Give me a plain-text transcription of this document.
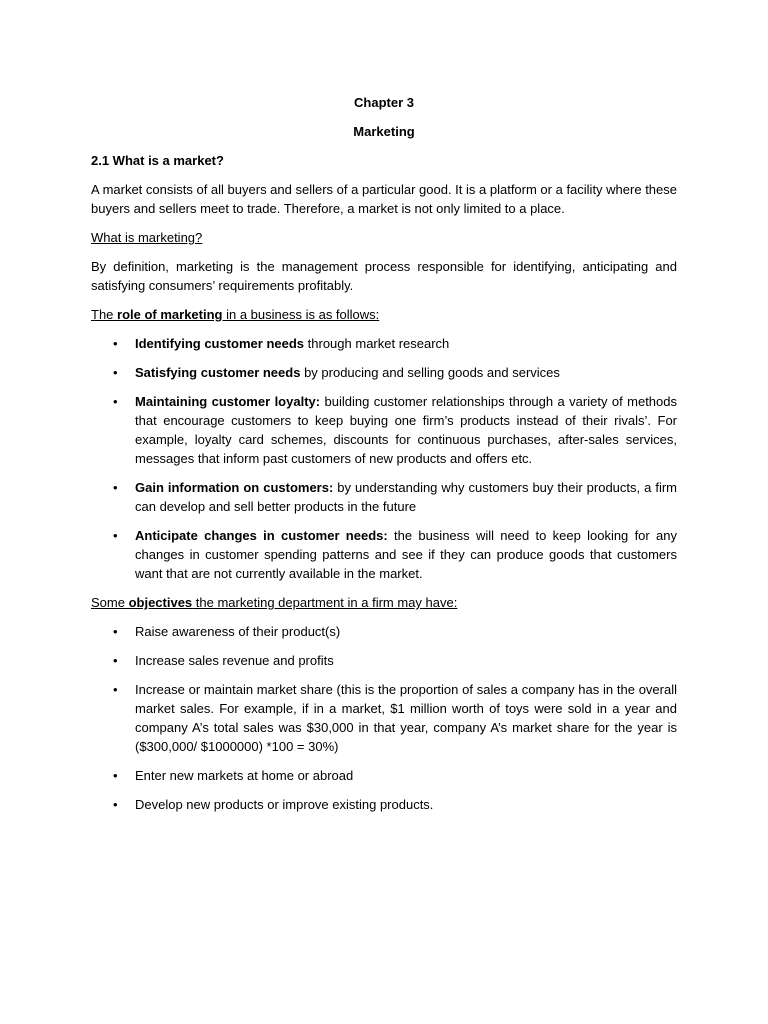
Chapter 3
Marketing
2.1 What is a market?

A market consists of all buyers and sellers of a particular good. It is a platform or a facility where these buyers and sellers meet to trade. Therefore, a market is not only limited to a place.

What is marketing?

By definition, marketing is the management process responsible for identifying, anticipating and satisfying consumers’ requirements profitably.

The role of marketing in a business is as follows:

• Identifying customer needs through market research
• Satisfying customer needs by producing and selling goods and services
• Maintaining customer loyalty: building customer relationships through a variety of methods that encourage customers to keep buying one firm’s products instead of their rivals’. For example, loyalty card schemes, discounts for continuous purchases, after-sales services, messages that inform past customers of new products and offers etc.
• Gain information on customers: by understanding why customers buy their products, a firm can develop and sell better products in the future
• Anticipate changes in customer needs: the business will need to keep looking for any changes in customer spending patterns and see if they can produce goods that customers want that are not currently available in the market.

Some objectives the marketing department in a firm may have:

• Raise awareness of their product(s)
• Increase sales revenue and profits
• Increase or maintain market share (this is the proportion of sales a company has in the overall market sales. For example, if in a market, $1 million worth of toys were sold in a year and company A’s total sales was $30,000 in that year, company A’s market share for the year is ($300,000/ $1000000) *100 = 30%)
• Enter new markets at home or abroad
• Develop new products or improve existing products.
